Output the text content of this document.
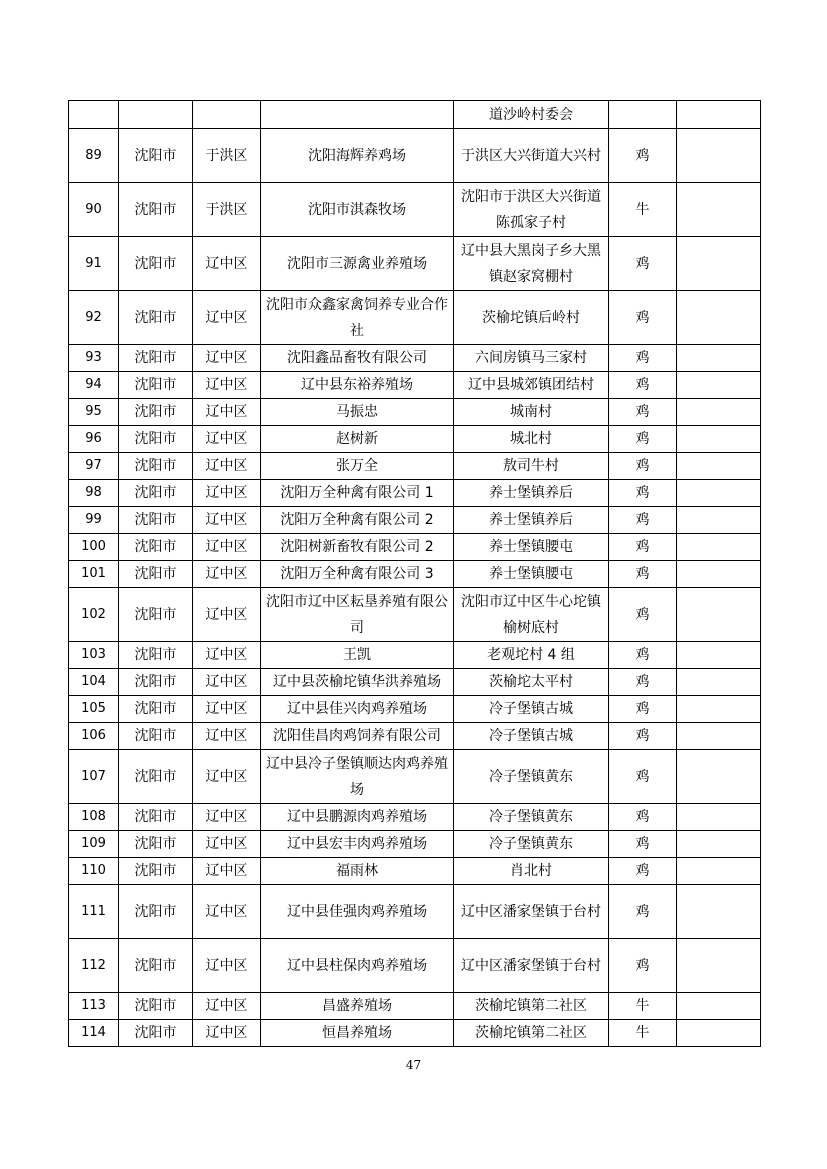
				道沙岭村委会		
89	沈阳市	于洪区	沈阳海辉养鸡场	于洪区大兴街道大兴村	鸡	
90	沈阳市	于洪区	沈阳市淇森牧场	沈阳市于洪区大兴街道陈孤家子村	牛	
91	沈阳市	辽中区	沈阳市三源禽业养殖场	辽中县大黑岗子乡大黑镇赵家窝棚村	鸡	
92	沈阳市	辽中区	沈阳市众鑫家禽饲养专业合作社	茨榆坨镇后岭村	鸡	
93	沈阳市	辽中区	沈阳鑫品畜牧有限公司	六间房镇马三家村	鸡	
94	沈阳市	辽中区	辽中县东裕养殖场	辽中县城郊镇团结村	鸡	
95	沈阳市	辽中区	马振忠	城南村	鸡	
96	沈阳市	辽中区	赵树新	城北村	鸡	
97	沈阳市	辽中区	张万全	敖司牛村	鸡	
98	沈阳市	辽中区	沈阳万全种禽有限公司 1	养士堡镇养后	鸡	
99	沈阳市	辽中区	沈阳万全种禽有限公司 2	养士堡镇养后	鸡	
100	沈阳市	辽中区	沈阳树新畜牧有限公司 2	养士堡镇腰屯	鸡	
101	沈阳市	辽中区	沈阳万全种禽有限公司 3	养士堡镇腰屯	鸡	
102	沈阳市	辽中区	沈阳市辽中区耘垦养殖有限公司	沈阳市辽中区牛心坨镇榆树底村	鸡	
103	沈阳市	辽中区	王凯	老观坨村 4 组	鸡	
104	沈阳市	辽中区	辽中县茨榆坨镇华洪养殖场	茨榆坨太平村	鸡	
105	沈阳市	辽中区	辽中县佳兴肉鸡养殖场	冷子堡镇古城	鸡	
106	沈阳市	辽中区	沈阳佳昌肉鸡饲养有限公司	冷子堡镇古城	鸡	
107	沈阳市	辽中区	辽中县冷子堡镇顺达肉鸡养殖场	冷子堡镇黄东	鸡	
108	沈阳市	辽中区	辽中县鹏源肉鸡养殖场	冷子堡镇黄东	鸡	
109	沈阳市	辽中区	辽中县宏丰肉鸡养殖场	冷子堡镇黄东	鸡	
110	沈阳市	辽中区	福雨林	肖北村	鸡	
111	沈阳市	辽中区	辽中县佳强肉鸡养殖场	辽中区潘家堡镇于台村	鸡	
112	沈阳市	辽中区	辽中县柱保肉鸡养殖场	辽中区潘家堡镇于台村	鸡	
113	沈阳市	辽中区	昌盛养殖场	茨榆坨镇第二社区	牛	
114	沈阳市	辽中区	恒昌养殖场	茨榆坨镇第二社区	牛	
47
